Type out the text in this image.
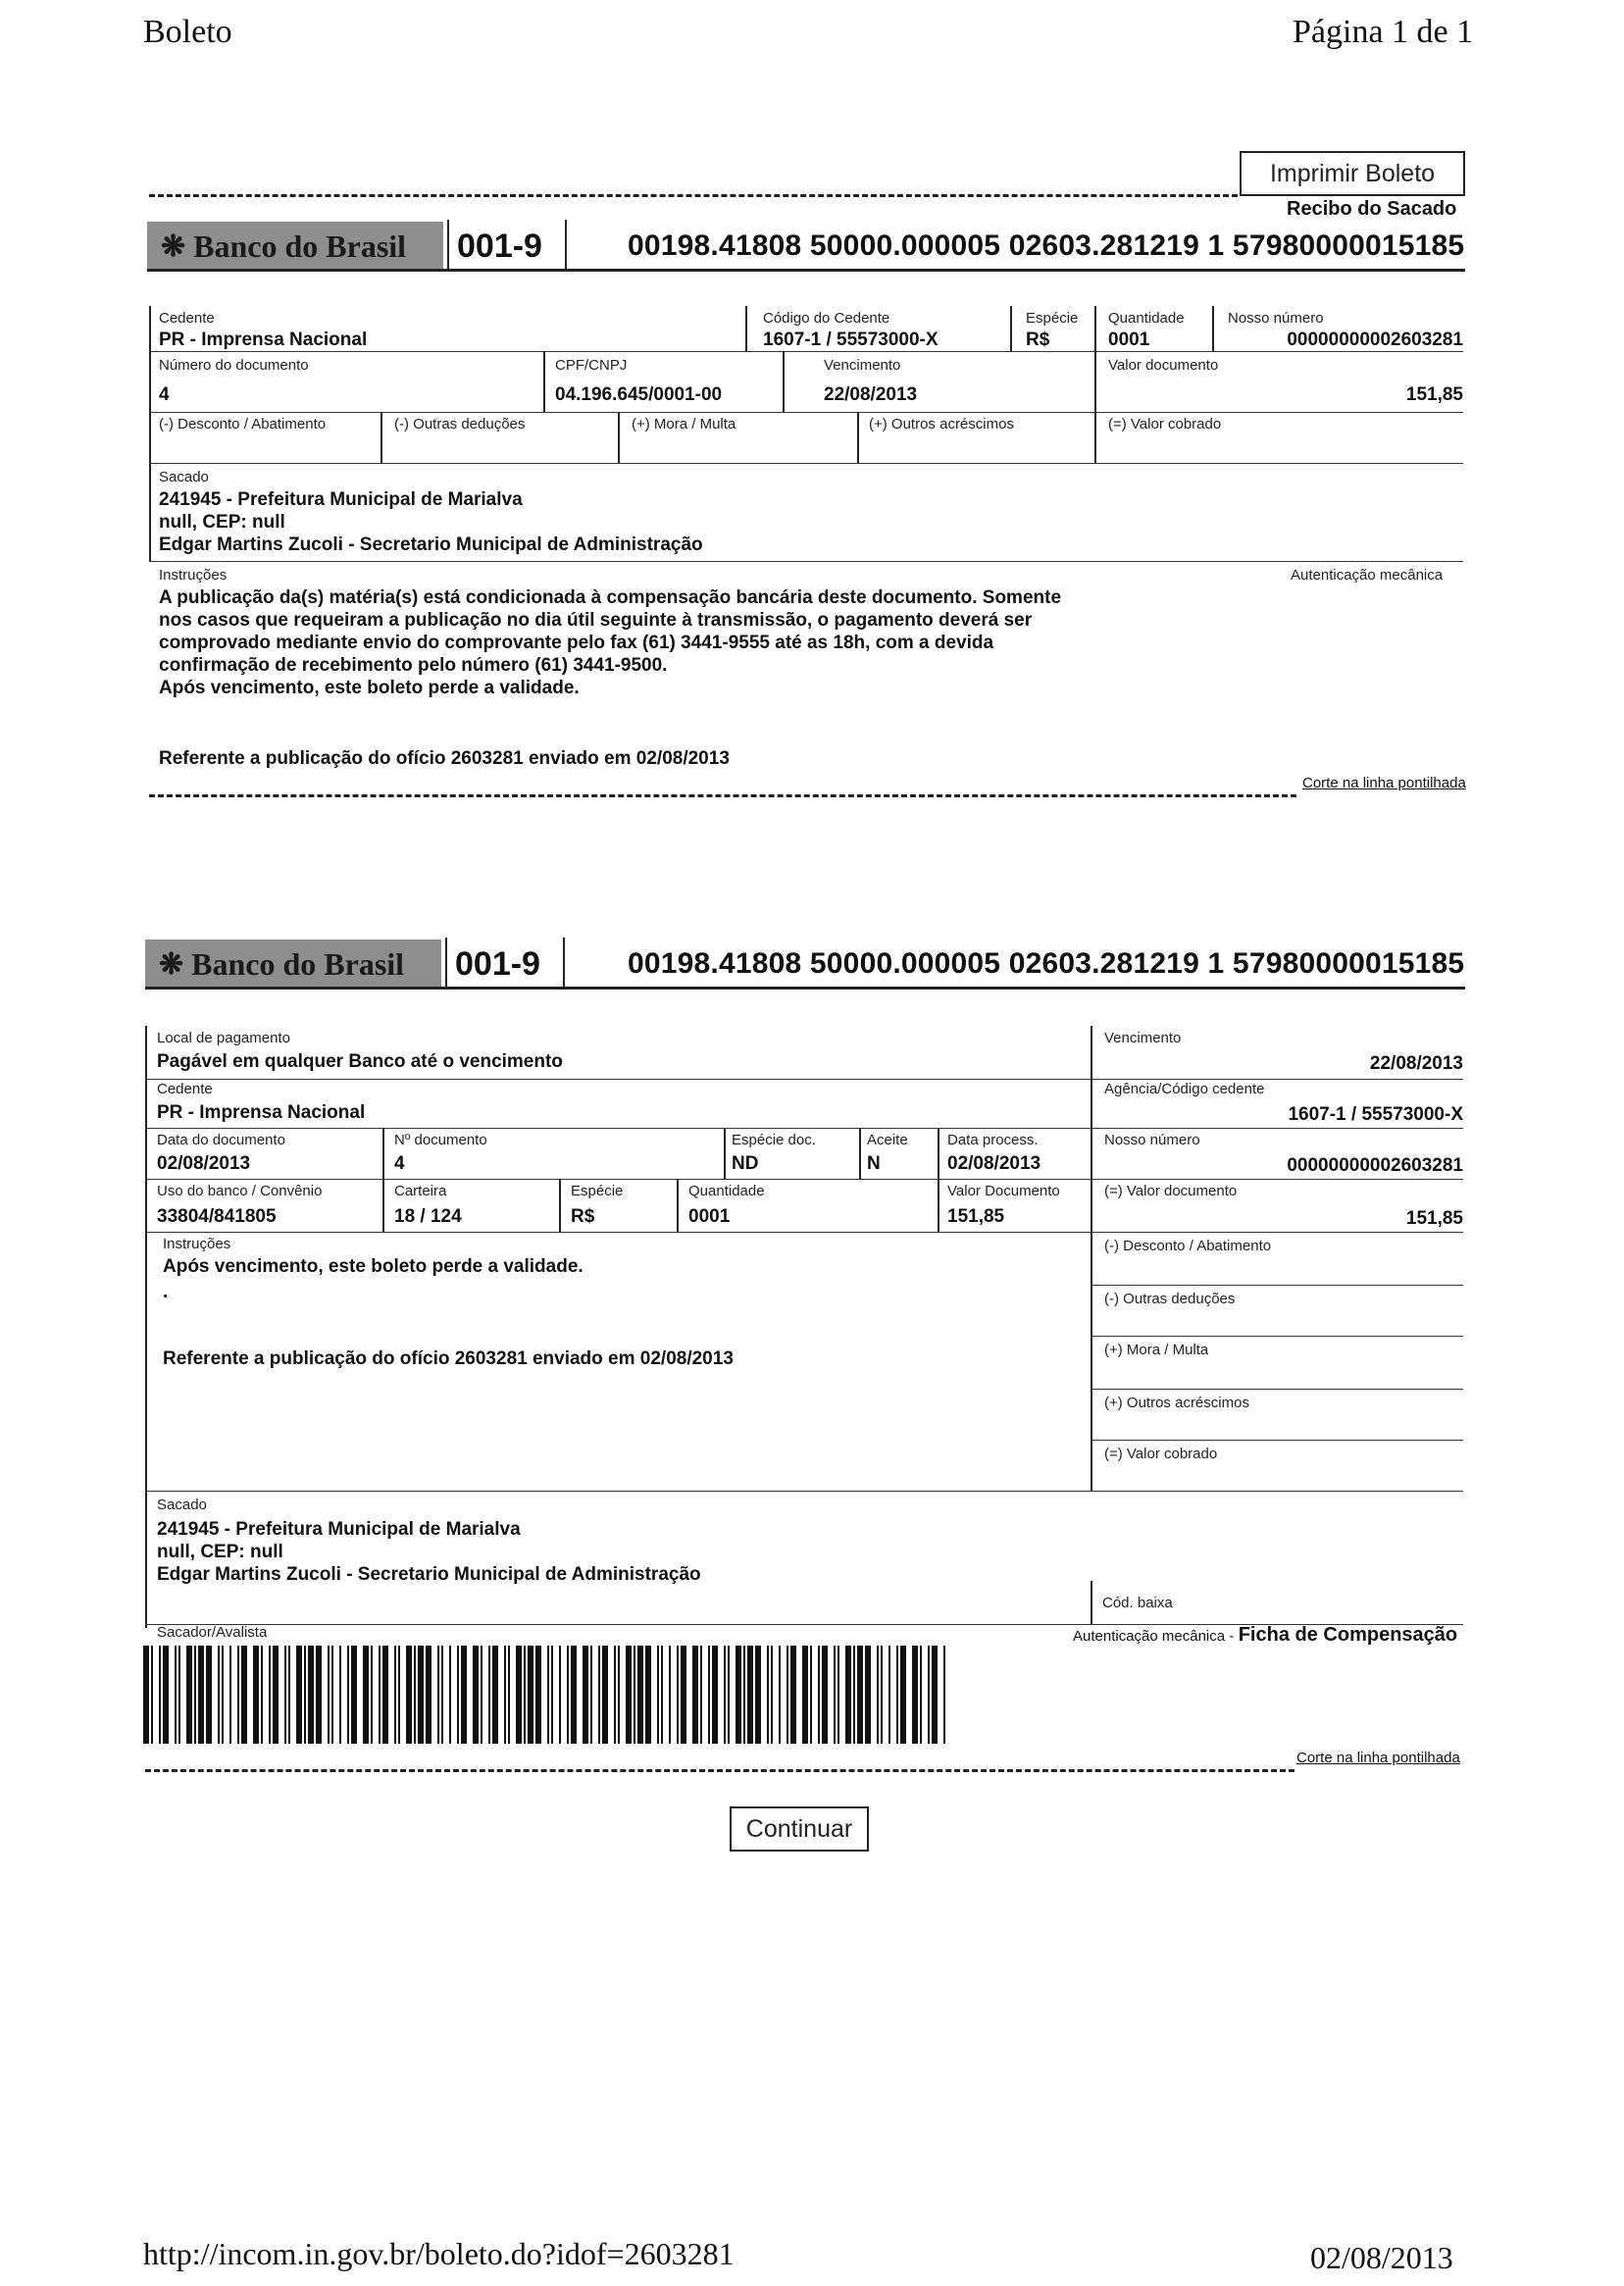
Boleto	Página 1 de 1
Imprimir Boleto
Recibo do Sacado
❋ Banco do Brasil 001-9	00198.41808 50000.000005 02603.281219 1 57980000015185
Cedente
PR - Imprensa Nacional
Código do Cedente
1607-1 / 55573000-X
Espécie
R$
Quantidade
0001
Nosso número
00000000002603281
Número do documento
4
CPF/CNPJ
04.196.645/0001-00
Vencimento
22/08/2013
Valor documento
151,85
(-) Desconto / Abatimento	(-) Outras deduções	(+) Mora / Multa	(+) Outros acréscimos	(=) Valor cobrado
Sacado
241945 - Prefeitura Municipal de Marialva
null, CEP: null
Edgar Martins Zucoli - Secretario Municipal de Administração
Instruções	Autenticação mecânica
A publicação da(s) matéria(s) está condicionada à compensação bancária deste documento. Somente
nos casos que requeiram a publicação no dia útil seguinte à transmissão, o pagamento deverá ser
comprovado mediante envio do comprovante pelo fax (61) 3441-9555 até as 18h, com a devida
confirmação de recebimento pelo número (61) 3441-9500.
Após vencimento, este boleto perde a validade.
Referente a publicação do ofício 2603281 enviado em 02/08/2013
Corte na linha pontilhada
❋ Banco do Brasil 001-9	00198.41808 50000.000005 02603.281219 1 57980000015185
Local de pagamento
Pagável em qualquer Banco até o vencimento
Vencimento
22/08/2013
Cedente
PR - Imprensa Nacional
Agência/Código cedente
1607-1 / 55573000-X
Data do documento
02/08/2013
Nº documento
4
Espécie doc.
ND
Aceite
N
Data process.
02/08/2013
Nosso número
00000000002603281
Uso do banco / Convênio
33804/841805
Carteira
18 / 124
Espécie
R$
Quantidade
0001
Valor Documento
151,85
(=) Valor documento
151,85
Instruções
Após vencimento, este boleto perde a validade.
.
Referente a publicação do ofício 2603281 enviado em 02/08/2013
(-) Desconto / Abatimento
(-) Outras deduções
(+) Mora / Multa
(+) Outros acréscimos
(=) Valor cobrado
Sacado
241945 - Prefeitura Municipal de Marialva
null, CEP: null
Edgar Martins Zucoli - Secretario Municipal de Administração
Cód. baixa
Sacador/Avalista	Autenticação mecânica - Ficha de Compensação
Corte na linha pontilhada
Continuar
http://incom.in.gov.br/boleto.do?idof=2603281	02/08/2013
